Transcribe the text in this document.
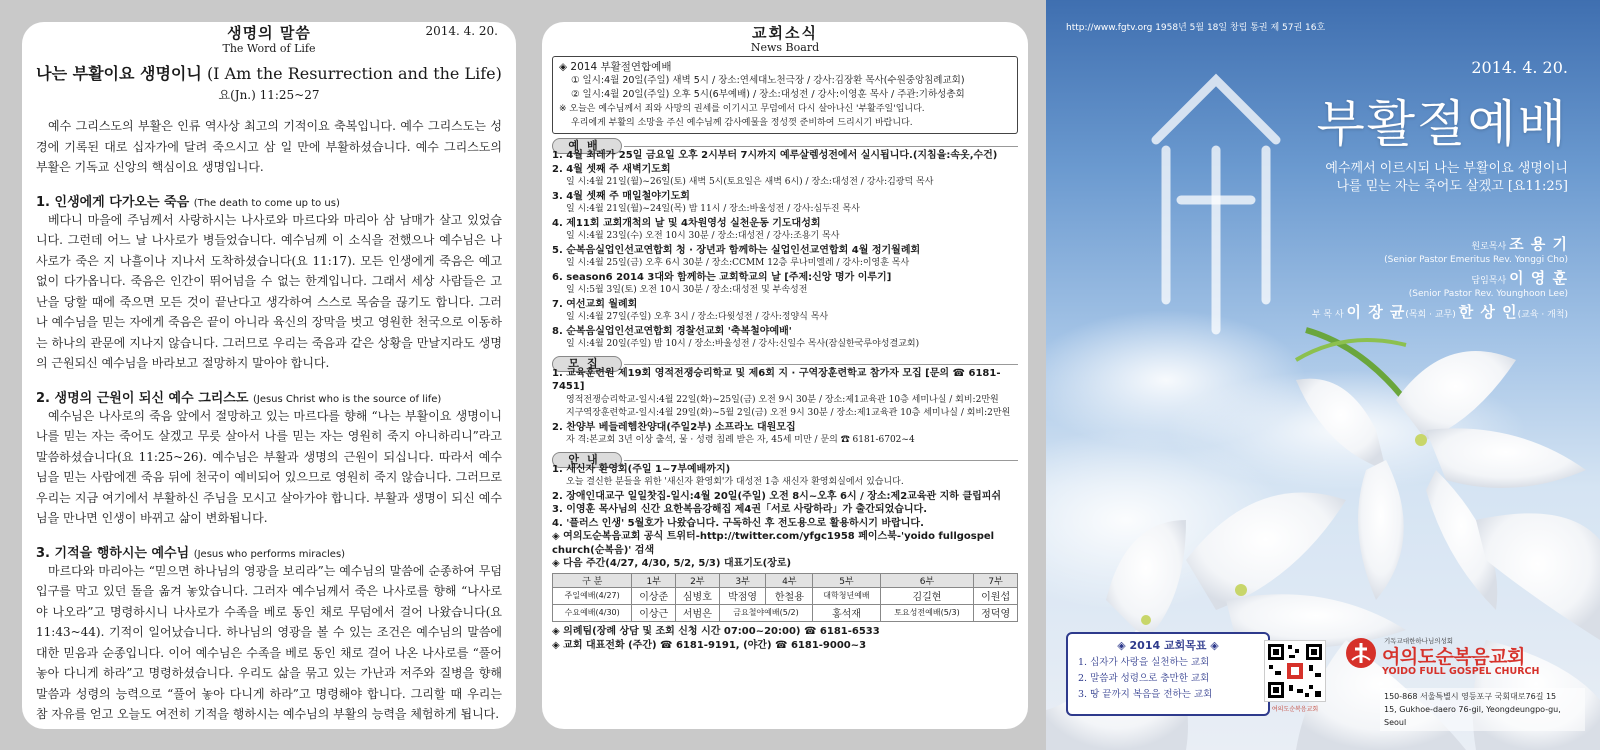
2014. 4. 20.
생명의 말씀
The Word of Life
나는 부활이요 생명이니 (I Am the Resurrection and the Life)
요(Jn.) 11:25~27

예수 그리스도의 부활은 인류 역사상 최고의 기적이요 축복입니다. 예수 그리스도는 성경에 기록된 대로 십자가에 달려 죽으시고 삼 일 만에 부활하셨습니다. 예수 그리스도의 부활은 기독교 신앙의 핵심이요 생명입니다.

1. 인생에게 다가오는 죽음 (The death to come up to us)

베다니 마을에 주님께서 사랑하시는 나사로와 마르다와 마리아 삼 남매가 살고 있었습니다. 그런데 어느 날 나사로가 병들었습니다. 예수님께 이 소식을 전했으나 예수님은 나사로가 죽은 지 나흘이나 지나서 도착하셨습니다(요 11:17). 모든 인생에게 죽음은 예고 없이 다가옵니다. 죽음은 인간이 뛰어넘을 수 없는 한계입니다. 그래서 세상 사람들은 고난을 당할 때에 죽으면 모든 것이 끝난다고 생각하여 스스로 목숨을 끊기도 합니다. 그러나 예수님을 믿는 자에게 죽음은 끝이 아니라 육신의 장막을 벗고 영원한 천국으로 이동하는 하나의 관문에 지나지 않습니다. 그러므로 우리는 죽음과 같은 상황을 만날지라도 생명의 근원되신 예수님을 바라보고 절망하지 말아야 합니다.

2. 생명의 근원이 되신 예수 그리스도 (Jesus Christ who is the source of life)

예수님은 나사로의 죽음 앞에서 절망하고 있는 마르다를 향해 “나는 부활이요 생명이니 나를 믿는 자는 죽어도 살겠고 무릇 살아서 나를 믿는 자는 영원히 죽지 아니하리니”라고 말씀하셨습니다(요 11:25~26). 예수님은 부활과 생명의 근원이 되십니다. 따라서 예수님을 믿는 사람에겐 죽음 뒤에 천국이 예비되어 있으므로 영원히 죽지 않습니다. 그러므로 우리는 지금 여기에서 부활하신 주님을 모시고 살아가야 합니다. 부활과 생명이 되신 예수님을 만나면 인생이 바뀌고 삶이 변화됩니다.

3. 기적을 행하시는 예수님 (Jesus who performs miracles)

마르다와 마리아는 “믿으면 하나님의 영광을 보리라”는 예수님의 말씀에 순종하여 무덤 입구를 막고 있던 돌을 옮겨 놓았습니다. 그러자 예수님께서 죽은 나사로를 향해 “나사로야 나오라”고 명령하시니 나사로가 수족을 베로 동인 채로 무덤에서 걸어 나왔습니다(요 11:43~44). 기적이 일어났습니다. 하나님의 영광을 볼 수 있는 조건은 예수님의 말씀에 대한 믿음과 순종입니다. 이어 예수님은 수족을 베로 동인 채로 걸어 나온 나사로를 “풀어 놓아 다니게 하라”고 명령하셨습니다. 우리도 삶을 묶고 있는 가난과 저주와 질병을 향해 말씀과 성령의 능력으로 “풀어 놓아 다니게 하라”고 명령해야 합니다. 그리할 때 우리는 참 자유를 얻고 오늘도 여전히 기적을 행하시는 예수님의 부활의 능력을 체험하게 됩니다.

교회소식
News Board
◈ 2014 부활절연합예배
① 일시:4월 20일(주일) 새벽 5시 / 장소:연세대노천극장 / 강사:김장환 목사(수원중앙침례교회)
② 일시:4월 20일(주일) 오후 5시(6부예배) / 장소:대성전 / 강사:이영훈 목사 / 주관:기하성총회
※ 오늘은 예수님께서 죄와 사망의 권세를 이기시고 무덤에서 다시 살아나신 '부활주일'입니다.
우리에게 부활의 소망을 주신 예수님께 감사예물을 정성껏 준비하여 드리시기 바랍니다.
예배
1. 4월 최레가 25일 금요일 오후 2시부터 7시까지 예루살렘성전에서 실시됩니다.(지침을:속옷,수건)
2. 4월 셋째 주 새벽기도회
일 시:4월 21일(월)~26일(토) 새벽 5시(토요일은 새벽 6시) / 장소:대성전 / 강사:김광덕 목사
3. 4월 셋째 주 매일철야기도회
일 시:4월 21일(월)~24일(목) 밤 11시 / 장소:바울성전 / 강사:심두진 목사
4. 제11회 교회개척의 날 및 4차원영성 실천운동 기도대성회
일 시:4월 23일(수) 오전 10시 30분 / 장소:대성전 / 강사:조용기 목사
5. 순복음실업인선교연합회 청 · 장년과 함께하는 실업인선교연합회 4월 정기월례회
일 시:4월 25일(금) 오후 6시 30분 / 장소:CCMM 12층 루나미엘레 / 강사:이영훈 목사
6. season6 2014 3대와 함께하는 교회학교의 날 [주제:신앙 명가 이루기]
일 시:5월 3일(토) 오전 10시 30분 / 장소:대성전 및 부속성전
7. 여선교회 월례회
일 시:4월 27일(주일) 오후 3시 / 장소:다윗성전 / 강사:정양식 목사
8. 순복음실업인선교연합회 경찰선교회 '축복철야예배'
일 시:4월 20일(주일) 밤 10시 / 장소:바울성전 / 강사:신일수 목사(잠실한국루야성결교회)
모집
1. 교육훈련원 제19회 영적전쟁승리학교 및 제6회 지 · 구역장훈련학교 참가자 모집 [문의 ☎ 6181-7451]
영적전쟁승리학교-일시:4월 22일(화)~25일(금) 오전 9시 30분 / 장소:제1교육관 10층 세미나실 / 회비:2만원
지구역장훈련학교-일시:4월 29일(화)~5월 2일(금) 오전 9시 30분 / 장소:제1교육관 10층 세미나실 / 회비:2만원
2. 찬양부 베들레헴찬양대(주일2부) 소프라노 대원모집
자 격:본교회 3년 이상 출석, 물 · 성령 침례 받은 자, 45세 미만 / 문의 ☎ 6181-6702~4
안내
1. 새신자 환영회(주일 1~7부예배까지)
오늘 결신한 분들을 위한 '새신자 환영회'가 대성전 1층 새신자 환영회실에서 있습니다.
2. 장애인대교구 일일찻집-일시:4월 20일(주일) 오전 8시~오후 6시 / 장소:제2교육관 지하 클립피쉬
3. 이영훈 목사님의 신간 요한복음강해집 제4권「서로 사랑하라」가 출간되었습니다.
4. '플러스 인생' 5월호가 나왔습니다. 구독하신 후 전도용으로 활용하시기 바랍니다.
◈ 여의도순복음교회 공식 트위터-http://twitter.com/yfgc1958 페이스북-'yoido fullgospel church(순복음)' 검색
◈ 다음 주간(4/27, 4/30, 5/2, 5/3) 대표기도(장로)
구 분	1부	2부	3부	4부	5부	6부	7부
주일예배(4/27)	이상준	심병호	박점영	한철용	대학청년예배	김길현	이원섭
수요예배(4/30)	이상근	서범은	금요철야예배(5/2)		홍석재	토요성전예배(5/3)	정덕영
◈ 의례팀(장례 상담 및 조회 신청 시간 07:00~20:00) ☎ 6181-6533
◈ 교회 대표전화 (주간) ☎ 6181-9191, (야간) ☎ 6181-9000~3
http://www.fgtv.org 1958년 5월 18일 창립 통권 제 57권 16호
2014. 4. 20.
부활절예배
예수께서 이르시되 나는 부활이요 생명이니
나를 믿는 자는 죽어도 살겠고 [요11:25]
원로목사 조 용 기
(Senior Pastor Emeritus Rev. Yonggi Cho)
담임목사 이 영 훈
(Senior Pastor Rev. Younghoon Lee)
부 목 사 이 장 균(목회 · 교무) 한 상 인(교육 · 개척)
◈ 2014 교회목표 ◈
1. 십자가 사랑을 실천하는 교회
2. 말씀과 성령으로 충만한 교회
3. 땅 끝까지 복음을 전하는 교회
여의도순복음교회
기독교대한하나님의성회
여의도순복음교회
YOIDO FULL GOSPEL CHURCH
150-868 서울특별시 영등포구 국회대로76길 15
15, Gukhoe-daero 76-gil, Yeongdeungpo-gu, Seoul
